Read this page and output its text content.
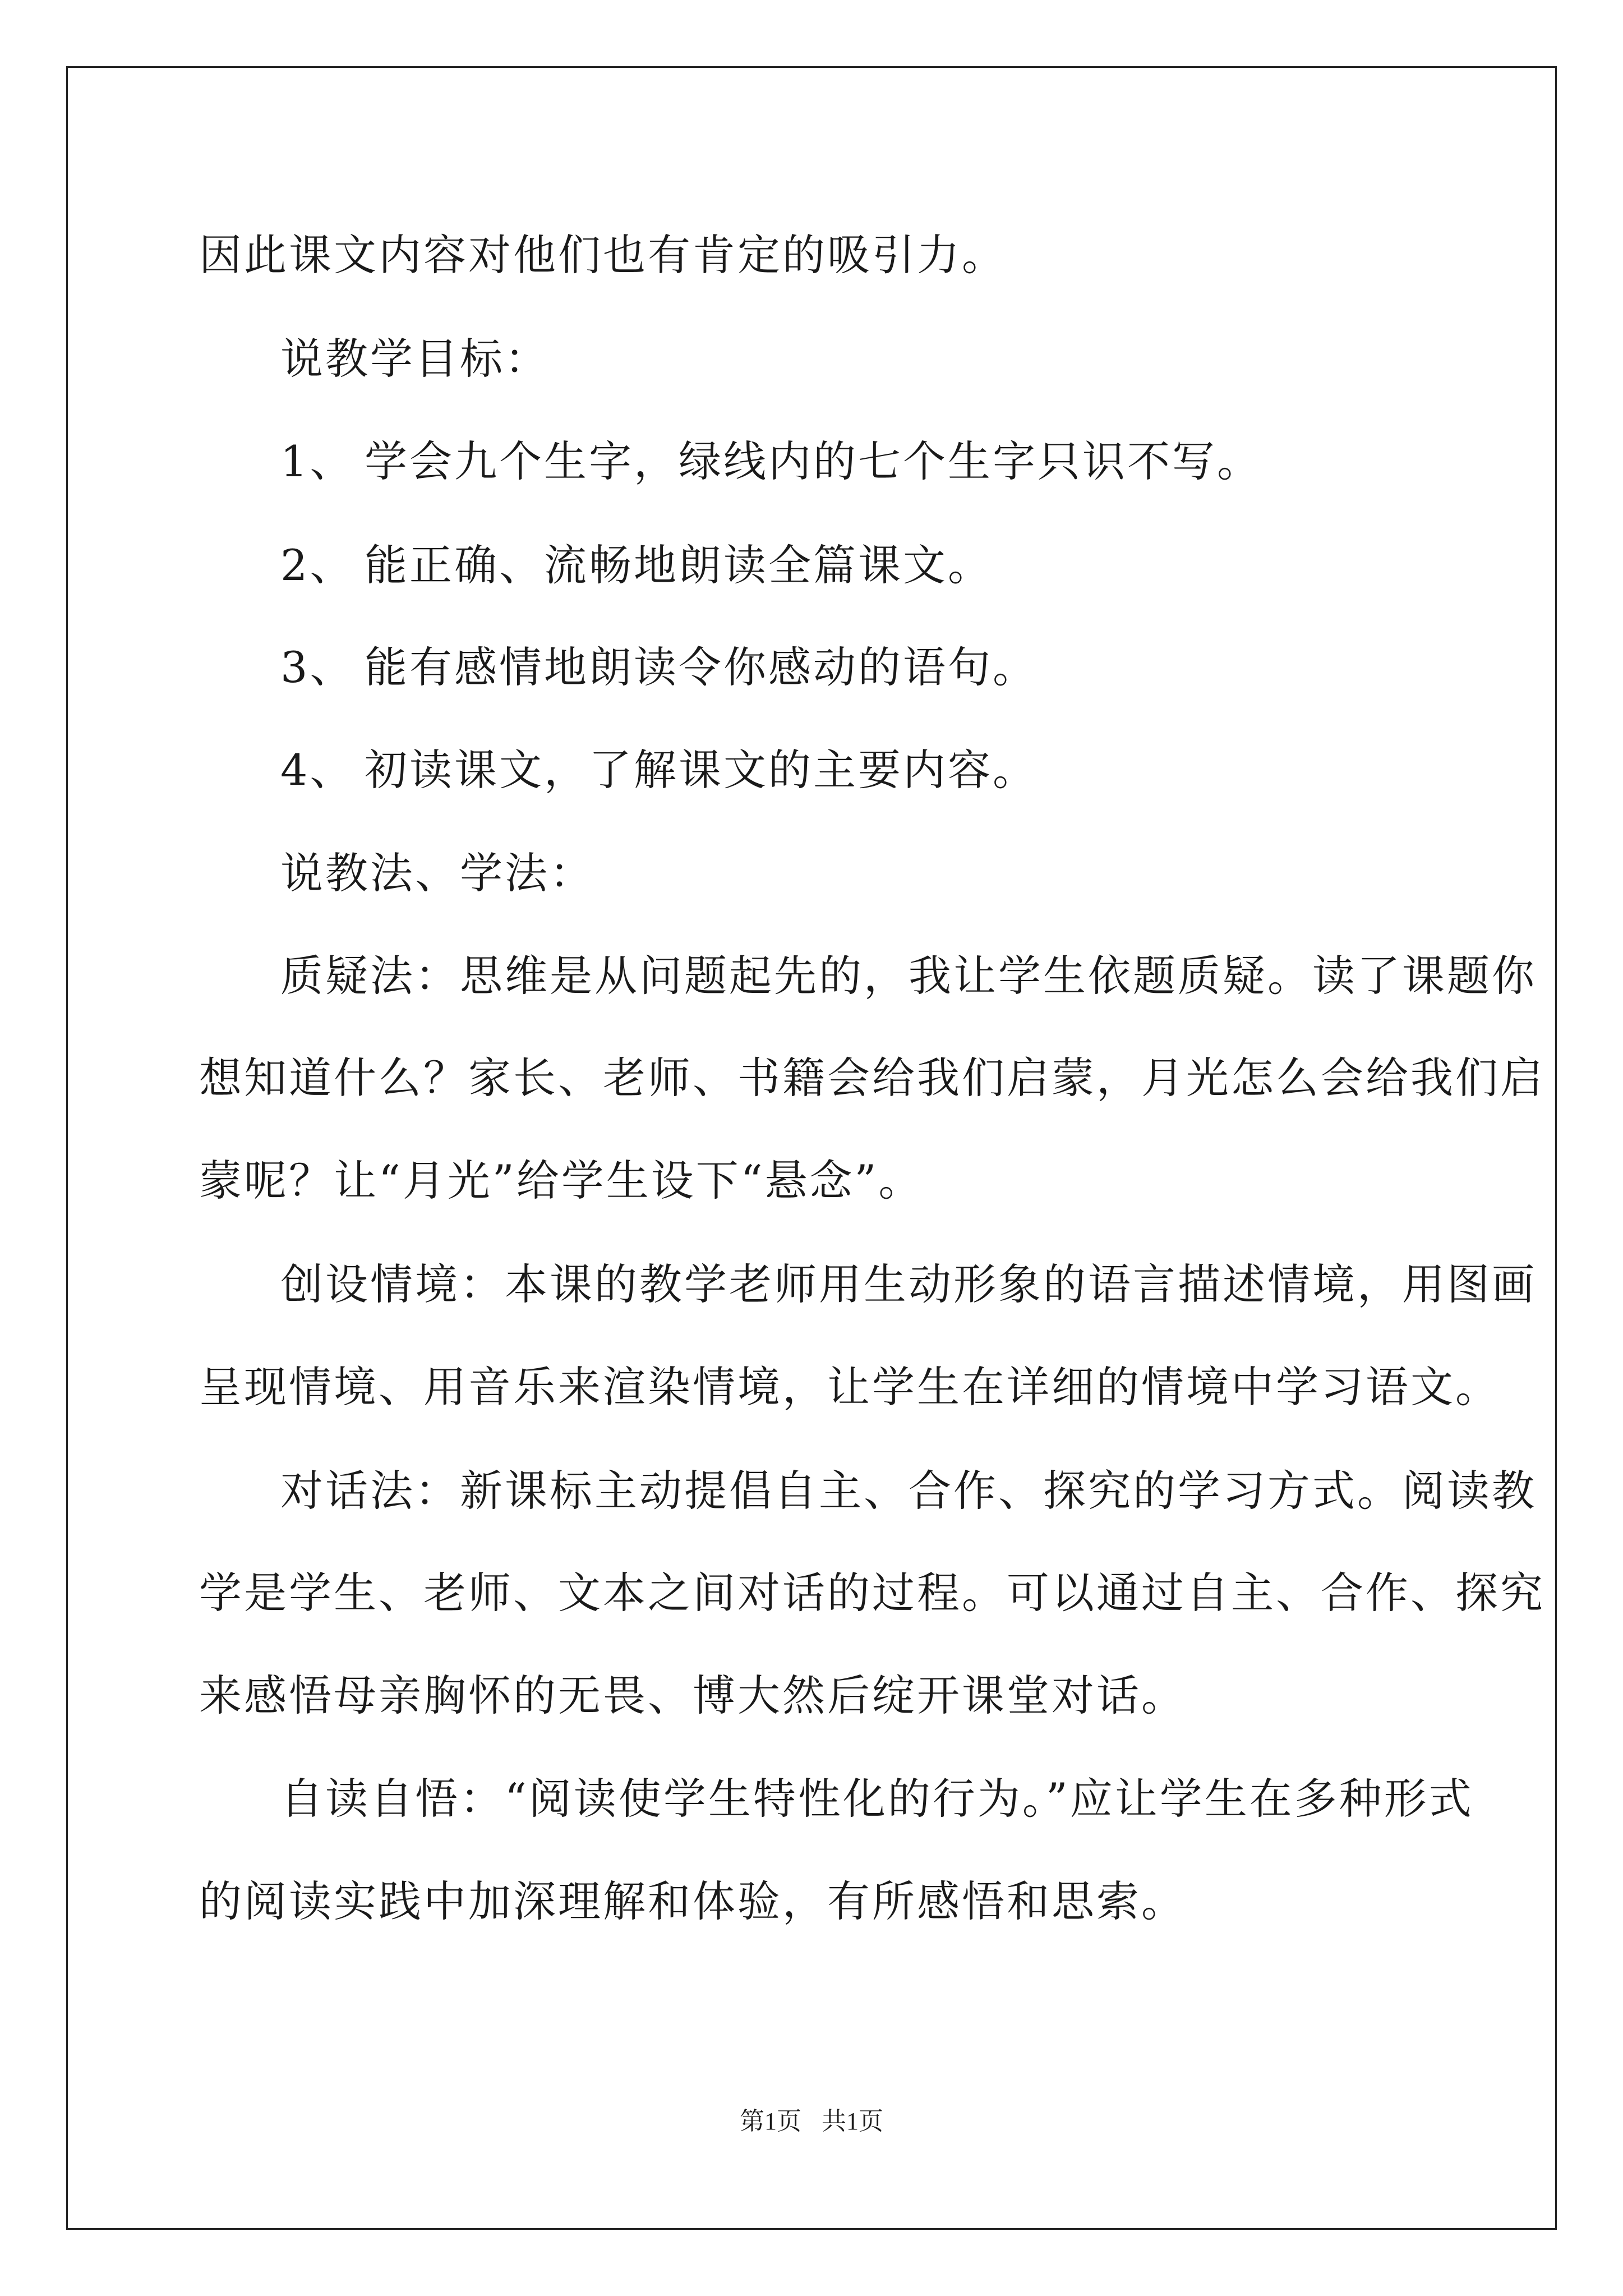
因此课文内容对他们也有肯定的吸引力。
说教学目标：
1、 学会九个生字，绿线内的七个生字只识不写。
2、 能正确、流畅地朗读全篇课文。
3、 能有感情地朗读令你感动的语句。
4、 初读课文，了解课文的主要内容。
说教法、学法：
质疑法：思维是从问题起先的，我让学生依题质疑。读了课题你
想知道什么？家长、老师、书籍会给我们启蒙，月光怎么会给我们启
蒙呢？让“月光”给学生设下“悬念”。
创设情境：本课的教学老师用生动形象的语言描述情境，用图画
呈现情境、用音乐来渲染情境，让学生在详细的情境中学习语文。
对话法：新课标主动提倡自主、合作、探究的学习方式。阅读教
学是学生、老师、文本之间对话的过程。可以通过自主、合作、探究
来感悟母亲胸怀的无畏、博大然后绽开课堂对话。
自读自悟：“阅读使学生特性化的行为。”应让学生在多种形式
的阅读实践中加深理解和体验，有所感悟和思索。
第1页 共1页
